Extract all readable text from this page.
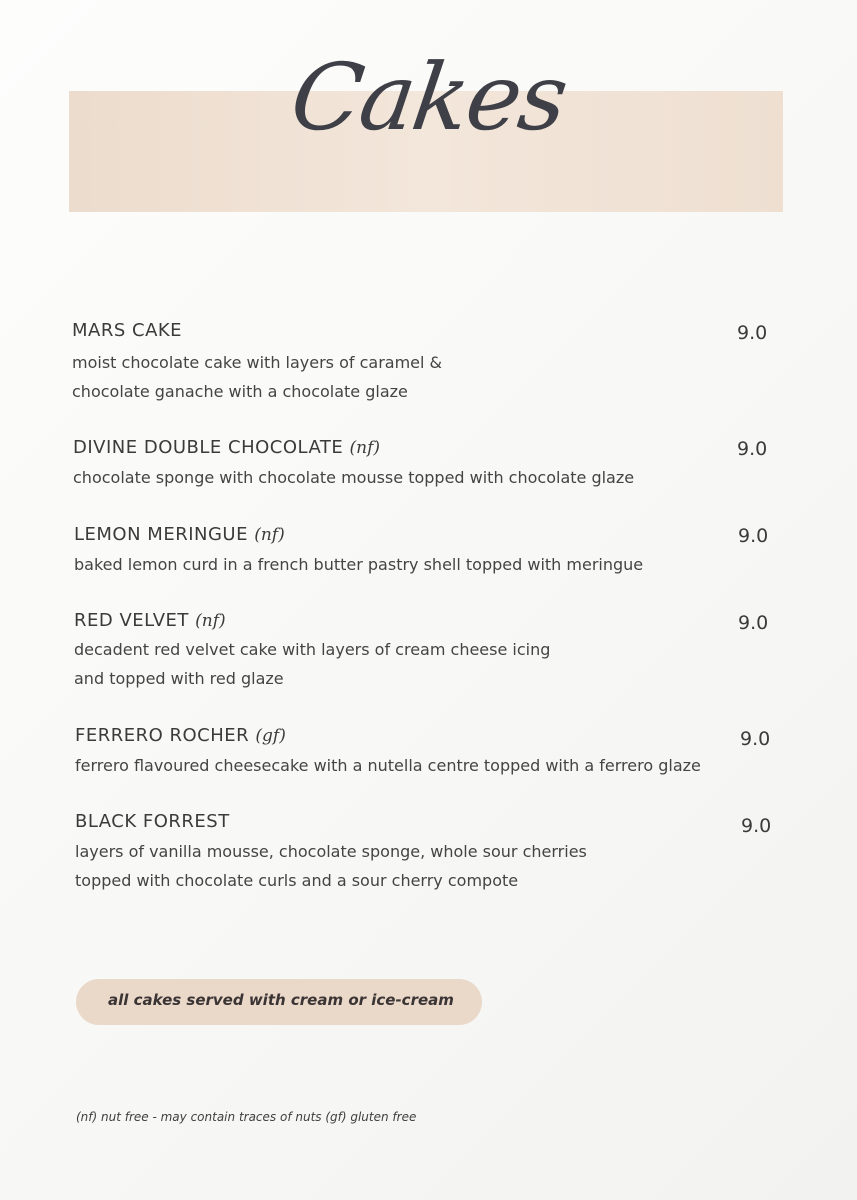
Cakes
MARS CAKE
moist chocolate cake with layers of caramel &
chocolate ganache with a chocolate glaze
9.0
DIVINE DOUBLE CHOCOLATE (nf)
chocolate sponge with chocolate mousse topped with chocolate glaze
9.0
LEMON MERINGUE (nf)
baked lemon curd in a french butter pastry shell topped with meringue
9.0
RED VELVET (nf)
decadent red velvet cake with layers of cream cheese icing
and topped with red glaze
9.0
FERRERO ROCHER (gf)
ferrero flavoured cheesecake with a nutella centre topped with a ferrero glaze
9.0
BLACK FORREST
layers of vanilla mousse, chocolate sponge, whole sour cherries
topped with chocolate curls and a sour cherry compote
9.0
all cakes served with cream or ice-cream
(nf) nut free - may contain traces of nuts (gf) gluten free
